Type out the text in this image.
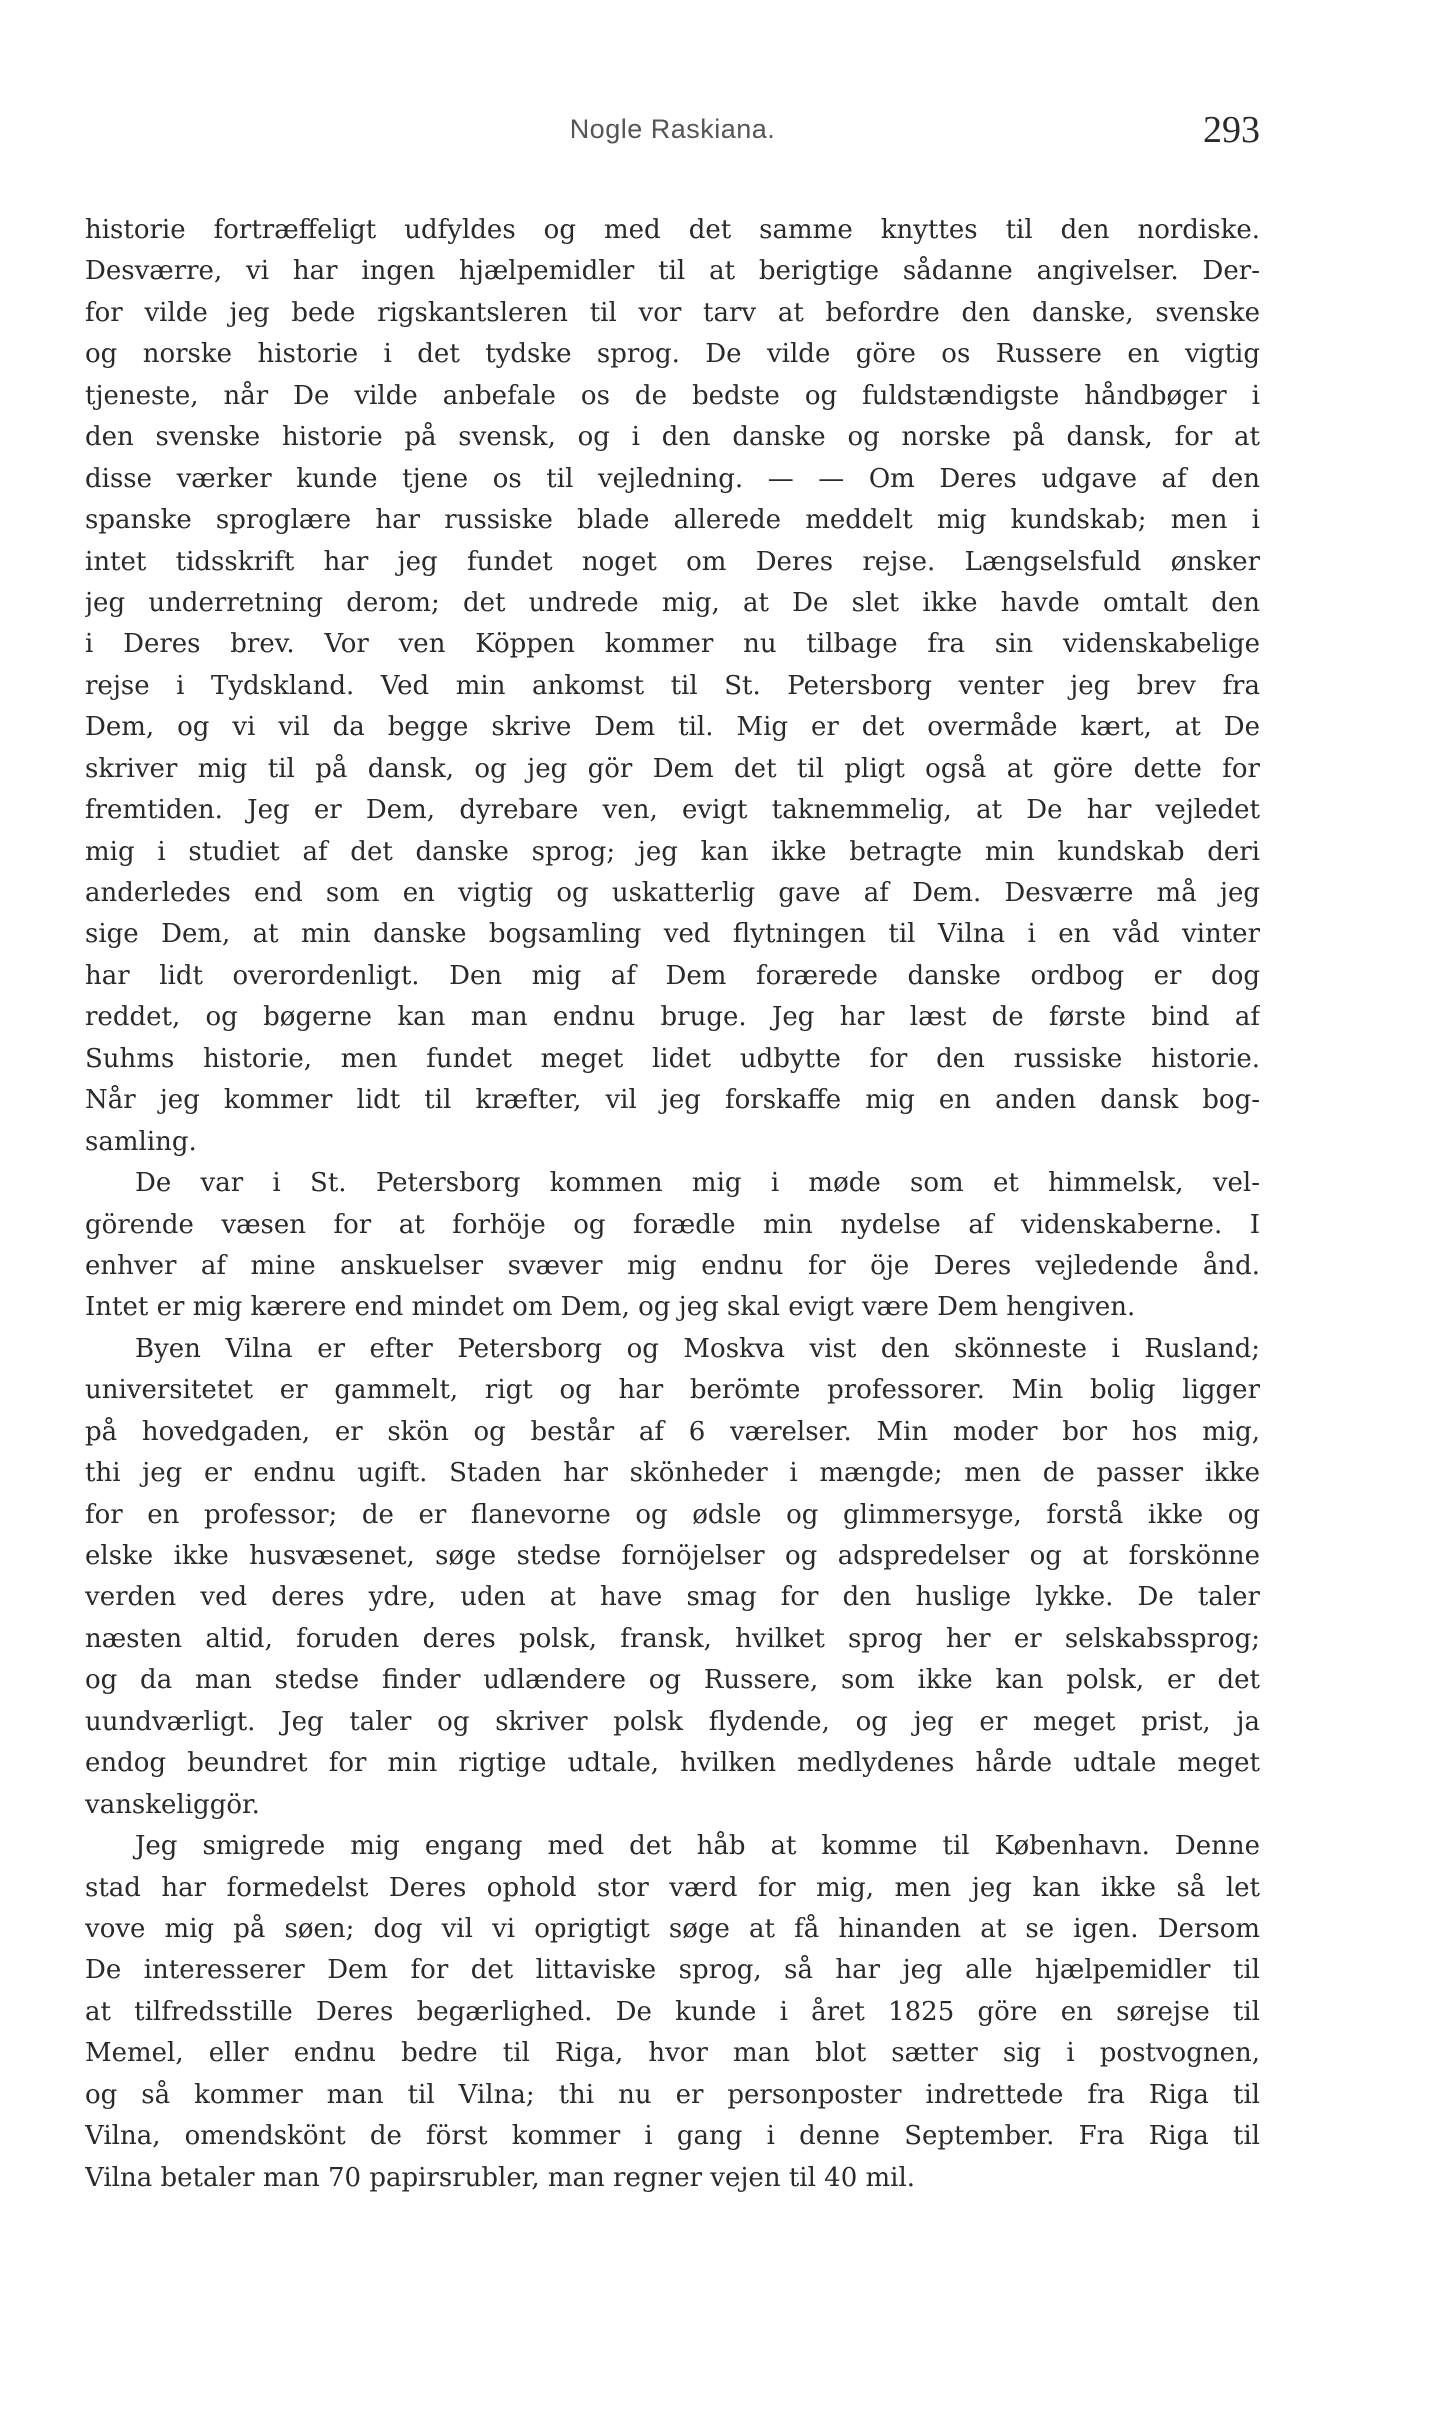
Nogle Raskiana.	293
historie fortræffeligt udfyldes og med det samme knyttes til den nordiske.
Desværre, vi har ingen hjælpemidler til at berigtige sådanne angivelser. Der-
for vilde jeg bede rigskantsleren til vor tarv at befordre den danske, svenske
og norske historie i det tydske sprog. De vilde göre os Russere en vigtig
tjeneste, når De vilde anbefale os de bedste og fuldstændigste håndbøger i
den svenske historie på svensk, og i den danske og norske på dansk, for at
disse værker kunde tjene os til vejledning. — — Om Deres udgave af den
spanske sproglære har russiske blade allerede meddelt mig kundskab; men i
intet tidsskrift har jeg fundet noget om Deres rejse. Længselsfuld ønsker
jeg underretning derom; det undrede mig, at De slet ikke havde omtalt den
i Deres brev. Vor ven Köppen kommer nu tilbage fra sin videnskabelige
rejse i Tydskland. Ved min ankomst til St. Petersborg venter jeg brev fra
Dem, og vi vil da begge skrive Dem til. Mig er det overmåde kært, at De
skriver mig til på dansk, og jeg gör Dem det til pligt også at göre dette for
fremtiden. Jeg er Dem, dyrebare ven, evigt taknemmelig, at De har vejledet
mig i studiet af det danske sprog; jeg kan ikke betragte min kundskab deri
anderledes end som en vigtig og uskatterlig gave af Dem. Desværre må jeg
sige Dem, at min danske bogsamling ved flytningen til Vilna i en våd vinter
har lidt overordenligt. Den mig af Dem forærede danske ordbog er dog
reddet, og bøgerne kan man endnu bruge. Jeg har læst de første bind af
Suhms historie, men fundet meget lidet udbytte for den russiske historie.
Når jeg kommer lidt til kræfter, vil jeg forskaffe mig en anden dansk bog-
samling.
De var i St. Petersborg kommen mig i møde som et himmelsk, vel-
görende væsen for at forhöje og forædle min nydelse af videnskaberne. I
enhver af mine anskuelser svæver mig endnu for öje Deres vejledende ånd.
Intet er mig kærere end mindet om Dem, og jeg skal evigt være Dem hengiven.
Byen Vilna er efter Petersborg og Moskva vist den skönneste i Rusland;
universitetet er gammelt, rigt og har berömte professorer. Min bolig ligger
på hovedgaden, er skön og består af 6 værelser. Min moder bor hos mig,
thi jeg er endnu ugift. Staden har skönheder i mængde; men de passer ikke
for en professor; de er flanevorne og ødsle og glimmersyge, forstå ikke og
elske ikke husvæsenet, søge stedse fornöjelser og adspredelser og at forskönne
verden ved deres ydre, uden at have smag for den huslige lykke. De taler
næsten altid, foruden deres polsk, fransk, hvilket sprog her er selskabssprog;
og da man stedse finder udlændere og Russere, som ikke kan polsk, er det
uundværligt. Jeg taler og skriver polsk flydende, og jeg er meget prist, ja
endog beundret for min rigtige udtale, hvilken medlydenes hårde udtale meget
vanskeliggör.
Jeg smigrede mig engang med det håb at komme til København. Denne
stad har formedelst Deres ophold stor værd for mig, men jeg kan ikke så let
vove mig på søen; dog vil vi oprigtigt søge at få hinanden at se igen. Dersom
De interesserer Dem for det littaviske sprog, så har jeg alle hjælpemidler til
at tilfredsstille Deres begærlighed. De kunde i året 1825 göre en sørejse til
Memel, eller endnu bedre til Riga, hvor man blot sætter sig i postvognen,
og så kommer man til Vilna; thi nu er personposter indrettede fra Riga til
Vilna, omendskönt de först kommer i gang i denne September. Fra Riga til
Vilna betaler man 70 papirsrubler, man regner vejen til 40 mil.
